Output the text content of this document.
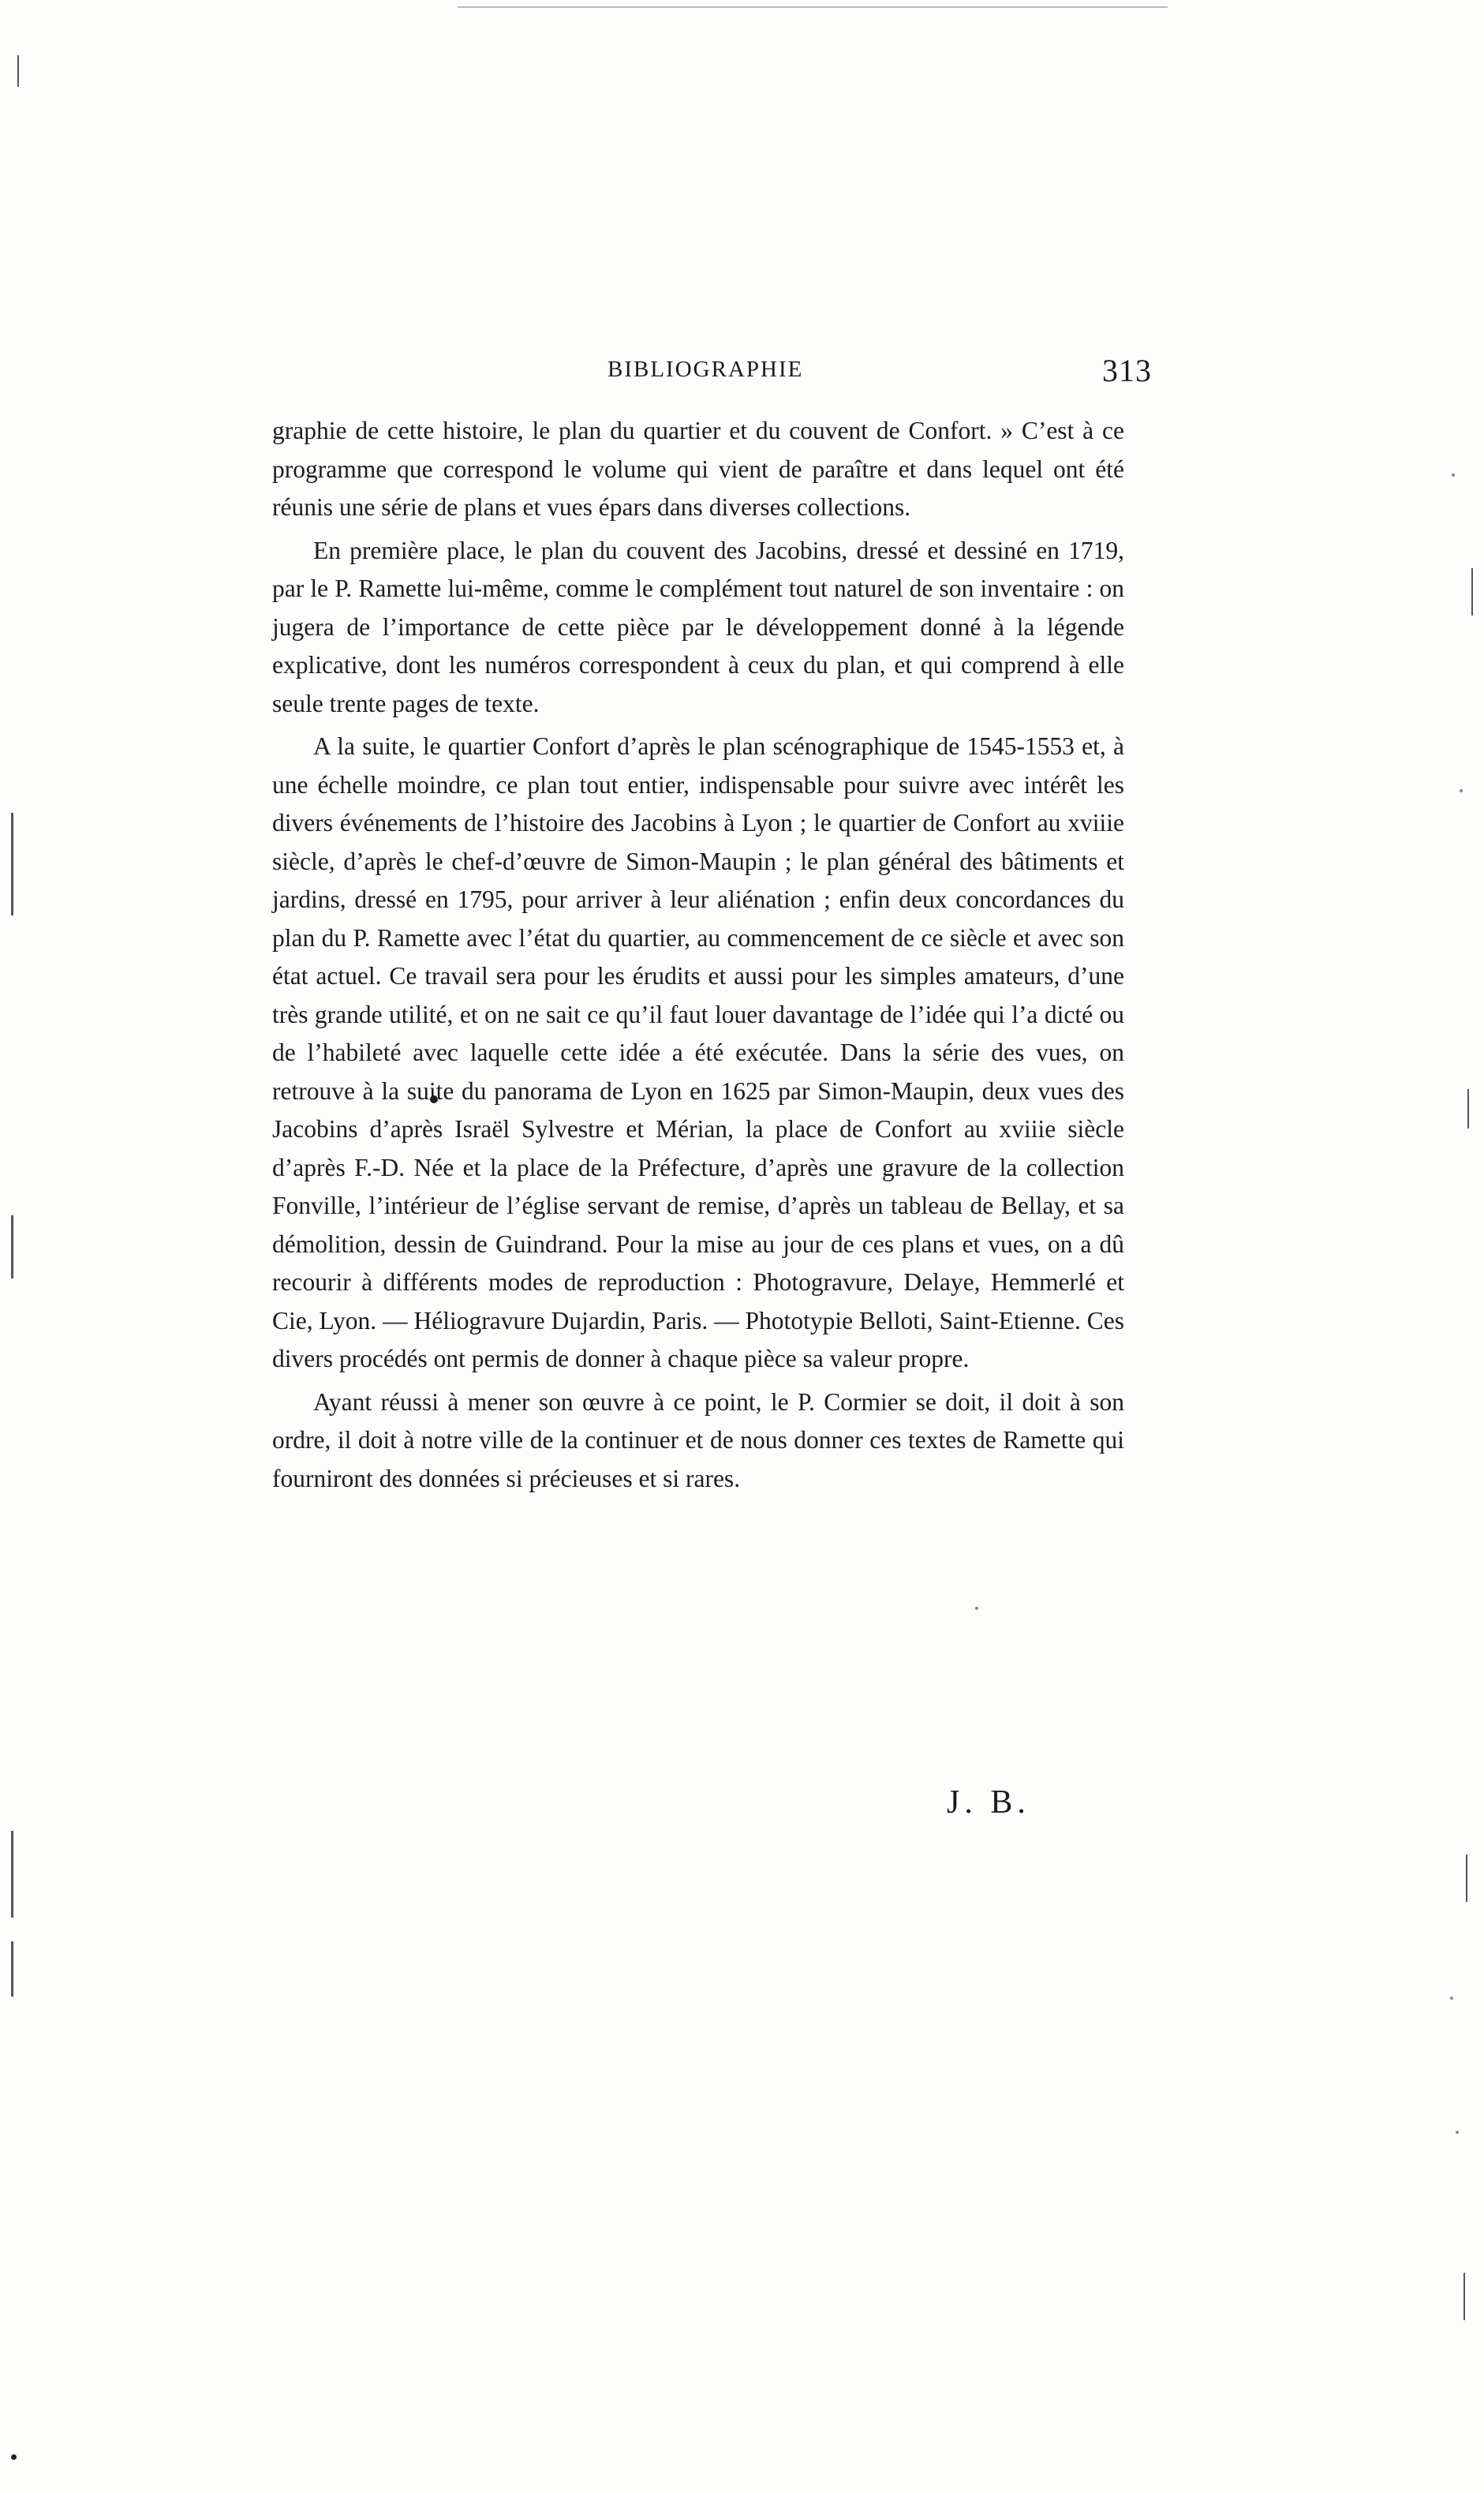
BIBLIOGRAPHIE	313

graphie de cette histoire, le plan du quartier et du couvent de Confort. » C’est à ce programme que correspond le volume qui vient de paraître et dans lequel ont été réunis une série de plans et vues épars dans diverses collections.

En première place, le plan du couvent des Jacobins, dressé et dessiné en 1719, par le P. Ramette lui-même, comme le complément tout naturel de son inventaire : on jugera de l’importance de cette pièce par le développement donné à la légende explicative, dont les numéros correspondent à ceux du plan, et qui comprend à elle seule trente pages de texte.

A la suite, le quartier Confort d’après le plan scénographique de 1545-1553 et, à une échelle moindre, ce plan tout entier, indispensable pour suivre avec intérêt les divers événements de l’histoire des Jacobins à Lyon ; le quartier de Confort au xviiie siècle, d’après le chef-d’œuvre de Simon-Maupin ; le plan général des bâtiments et jardins, dressé en 1795, pour arriver à leur aliénation ; enfin deux concordances du plan du P. Ramette avec l’état du quartier, au commencement de ce siècle et avec son état actuel. Ce travail sera pour les érudits et aussi pour les simples amateurs, d’une très grande utilité, et on ne sait ce qu’il faut louer davantage de l’idée qui l’a dicté ou de l’habileté avec laquelle cette idée a été exécutée. Dans la série des vues, on retrouve à la suite du panorama de Lyon en 1625 par Simon-Maupin, deux vues des Jacobins d’après Israël Sylvestre et Mérian, la place de Confort au xviiie siècle d’après F.-D. Née et la place de la Préfecture, d’après une gravure de la collection Fonville, l’intérieur de l’église servant de remise, d’après un tableau de Bellay, et sa démolition, dessin de Guindrand. Pour la mise au jour de ces plans et vues, on a dû recourir à différents modes de reproduction : Photogravure, Delaye, Hemmerlé et Cie, Lyon. — Héliogravure Dujardin, Paris. — Phototypie Belloti, Saint-Etienne. Ces divers procédés ont permis de donner à chaque pièce sa valeur propre.

Ayant réussi à mener son œuvre à ce point, le P. Cormier se doit, il doit à son ordre, il doit à notre ville de la continuer et de nous donner ces textes de Ramette qui fourniront des données si précieuses et si rares.

J. B.
